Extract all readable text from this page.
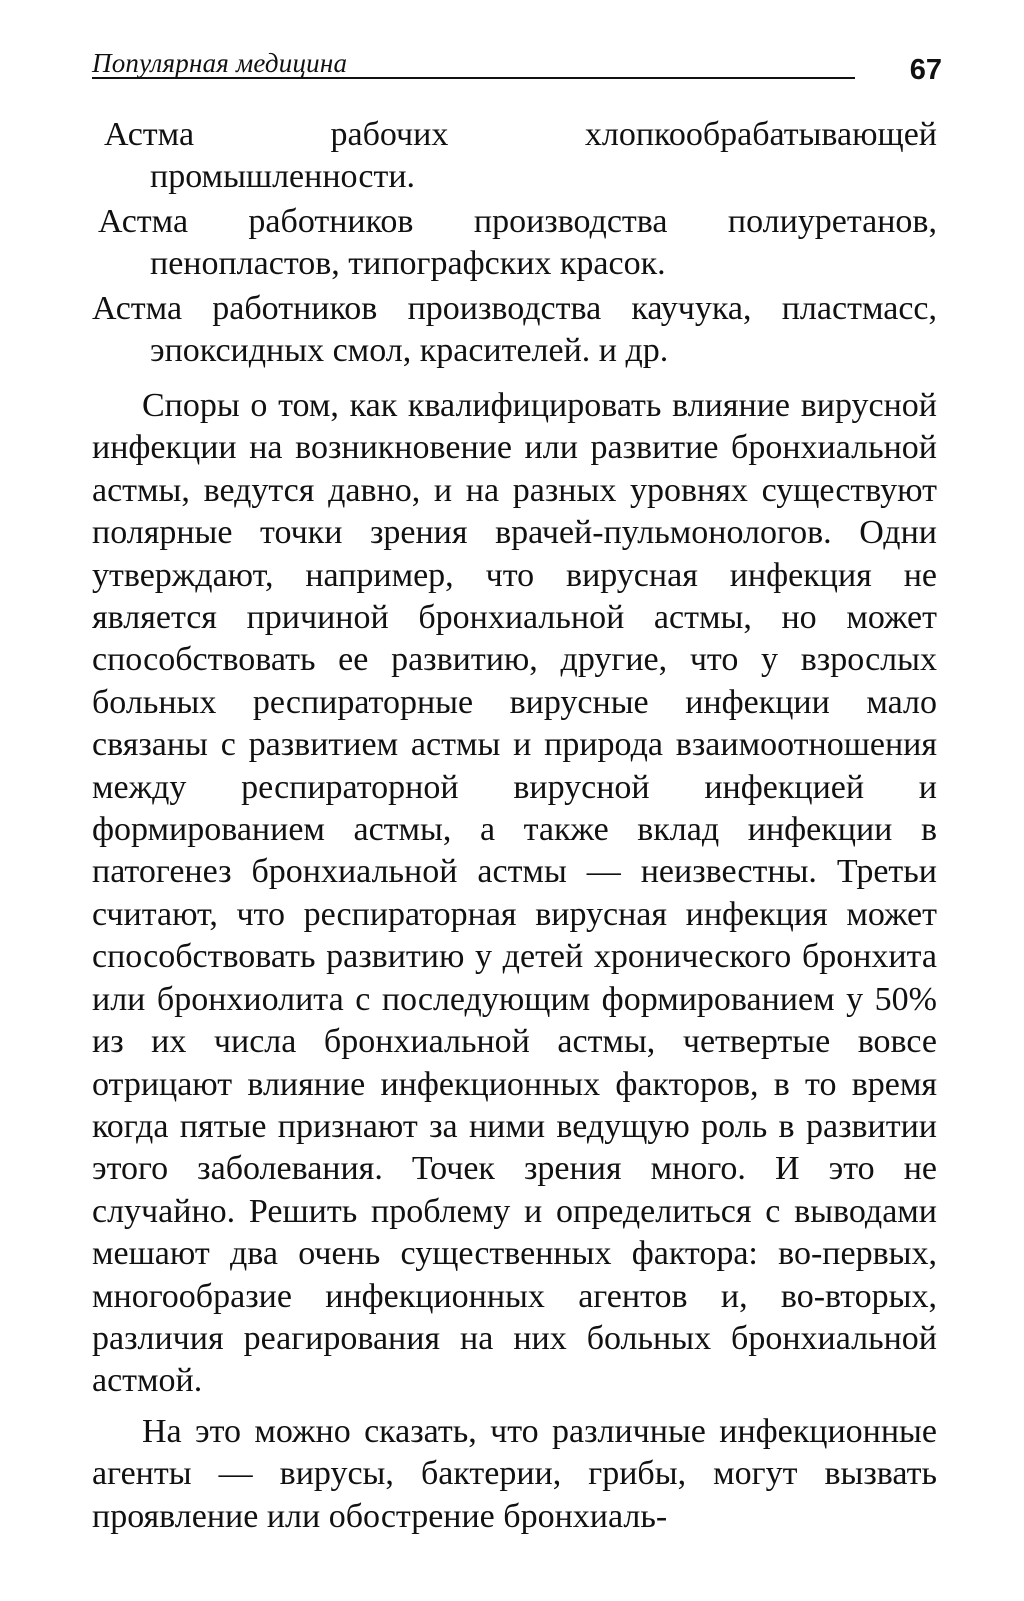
Популярная медицина	67
Астма рабочих хлопкообрабатывающей промышленности.
Астма работников производства полиуретанов, пенопластов, типографских красок.
Астма работников производства каучука, пластмасс, эпоксидных смол, красителей. и др.

Споры о том, как квалифицировать влияние вирусной инфекции на возникновение или развитие бронхиальной астмы, ведутся давно, и на разных уровнях существуют полярные точки зрения врачей-пульмонологов. Одни утверждают, например, что вирусная инфекция не является причиной бронхиальной астмы, но может способствовать ее развитию, другие, что у взрослых больных респираторные вирусные инфекции мало связаны с развитием астмы и природа взаимоотношения между респираторной вирусной инфекцией и формированием астмы, а также вклад инфекции в патогенез бронхиальной астмы — неизвестны. Третьи считают, что респираторная вирусная инфекция может способствовать развитию у детей хронического бронхита или бронхиолита с последующим формированием у 50% из их числа бронхиальной астмы, четвертые вовсе отрицают влияние инфекционных факторов, в то время когда пятые признают за ними ведущую роль в развитии этого заболевания. Точек зрения много. И это не случайно. Решить проблему и определиться с выводами мешают два очень существенных фактора: во-первых, многообразие инфекционных агентов и, во-вторых, различия реагирования на них больных бронхиальной астмой.

На это можно сказать, что различные инфекционные агенты — вирусы, бактерии, грибы, могут вызвать проявление или обострение бронхиаль-
